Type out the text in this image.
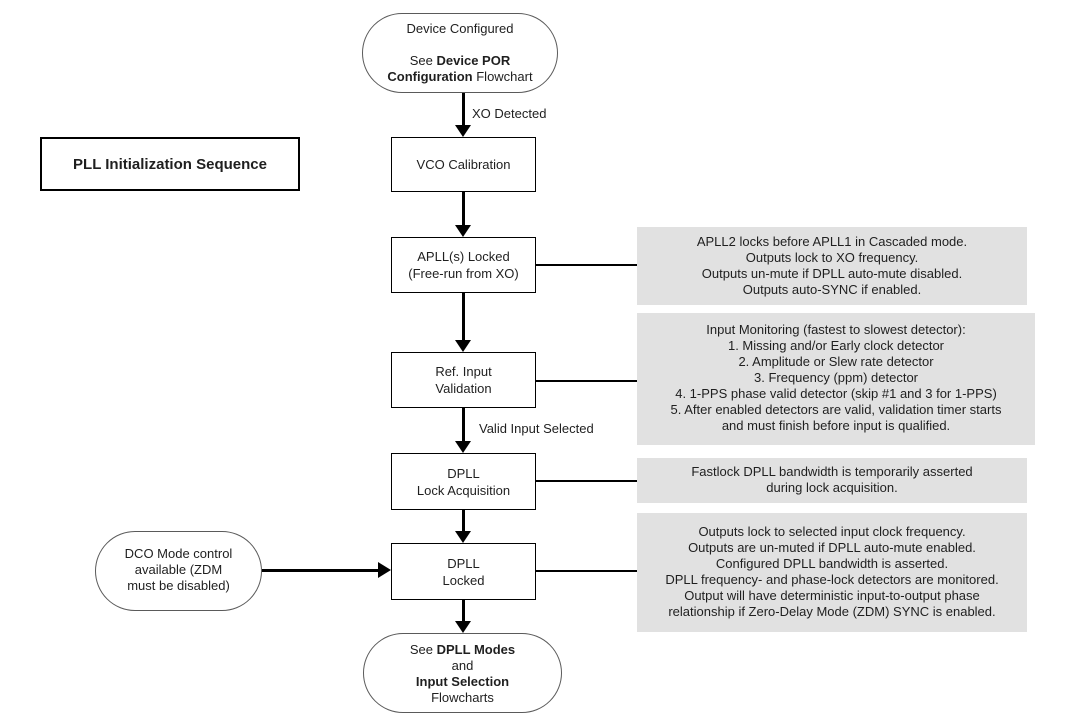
PLL Initialization Sequence
Device Configured
See Device POR
Configuration Flowchart
XO Detected
VCO Calibration
APLL(s) Locked
(Free-run from XO)
APLL2 locks before APLL1 in Cascaded mode.
Outputs lock to XO frequency.
Outputs un-mute if DPLL auto-mute disabled.
Outputs auto-SYNC if enabled.
Ref. Input
Validation
Input Monitoring (fastest to slowest detector):
1. Missing and/or Early clock detector
2. Amplitude or Slew rate detector
3. Frequency (ppm) detector
4. 1-PPS phase valid detector (skip #1 and 3 for 1-PPS)
5. After enabled detectors are valid, validation timer starts
and must finish before input is qualified.
Valid Input Selected
DPLL
Lock Acquisition
Fastlock DPLL bandwidth is temporarily asserted
during lock acquisition.
DPLL
Locked
Outputs lock to selected input clock frequency.
Outputs are un-muted if DPLL auto-mute enabled.
Configured DPLL bandwidth is asserted.
DPLL frequency- and phase-lock detectors are monitored.
Output will have deterministic input-to-output phase
relationship if Zero-Delay Mode (ZDM) SYNC is enabled.
DCO Mode control
available (ZDM
must be disabled)
See DPLL Modes
and
Input Selection
Flowcharts
